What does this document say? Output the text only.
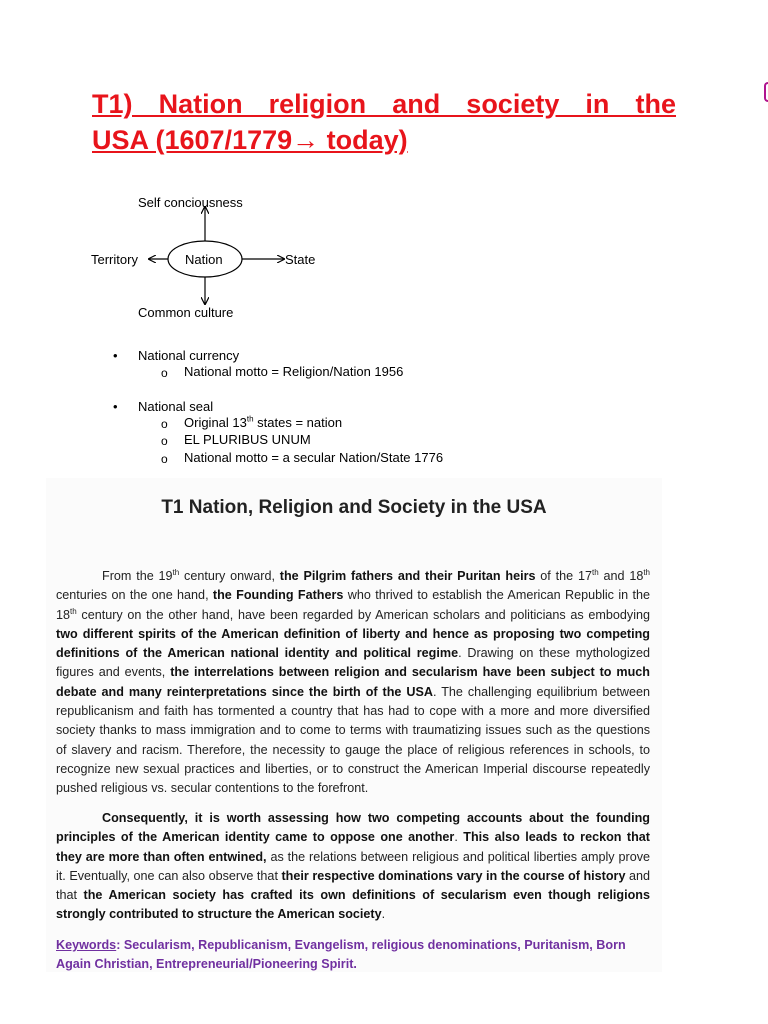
T1) Nation religion and society in the
USA (1607/1779→ today)
Self conciousness
Territory	Nation	State
Common culture
• National currency
o National motto = Religion/Nation 1956
• National seal
o Original 13th states = nation
o EL PLURIBUS UNUM
o National motto = a secular Nation/State 1776
T1 Nation, Religion and Society in the USA

From the 19th century onward, the Pilgrim fathers and their Puritan heirs of the 17th and 18th centuries on the one hand, the Founding Fathers who thrived to establish the American Republic in the 18th century on the other hand, have been regarded by American scholars and politicians as embodying two different spirits of the American definition of liberty and hence as proposing two competing definitions of the American national identity and political regime. Drawing on these mythologized figures and events, the interrelations between religion and secularism have been subject to much debate and many reinterpretations since the birth of the USA. The challenging equilibrium between republicanism and faith has tormented a country that has had to cope with a more and more diversified society thanks to mass immigration and to come to terms with traumatizing issues such as the questions of slavery and racism. Therefore, the necessity to gauge the place of religious references in schools, to recognize new sexual practices and liberties, or to construct the American Imperial discourse repeatedly pushed religious vs. secular contentions to the forefront.

Consequently, it is worth assessing how two competing accounts about the founding principles of the American identity came to oppose one another. This also leads to reckon that they are more than often entwined, as the relations between religious and political liberties amply prove it. Eventually, one can also observe that their respective dominations vary in the course of history and that the American society has crafted its own definitions of secularism even though religions strongly contributed to structure the American society.

Keywords: Secularism, Republicanism, Evangelism, religious denominations, Puritanism, Born Again Christian, Entrepreneurial/Pioneering Spirit.
